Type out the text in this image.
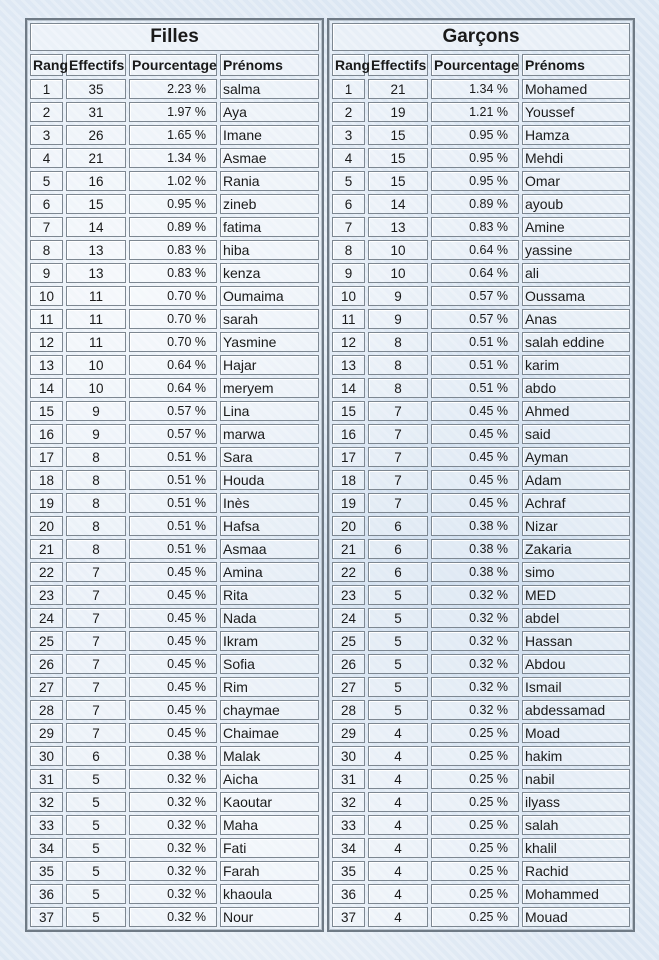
Filles			
Rang	Effectifs	Pourcentage	Prénoms
1	35	2.23 %	salma
2	31	1.97 %	Aya
3	26	1.65 %	Imane
4	21	1.34 %	Asmae
5	16	1.02 %	Rania
6	15	0.95 %	zineb
7	14	0.89 %	fatima
8	13	0.83 %	hiba
9	13	0.83 %	kenza
10	11	0.70 %	Oumaima
11	11	0.70 %	sarah
12	11	0.70 %	Yasmine
13	10	0.64 %	Hajar
14	10	0.64 %	meryem
15	9	0.57 %	Lina
16	9	0.57 %	marwa
17	8	0.51 %	Sara
18	8	0.51 %	Houda
19	8	0.51 %	Inès
20	8	0.51 %	Hafsa
21	8	0.51 %	Asmaa
22	7	0.45 %	Amina
23	7	0.45 %	Rita
24	7	0.45 %	Nada
25	7	0.45 %	Ikram
26	7	0.45 %	Sofia
27	7	0.45 %	Rim
28	7	0.45 %	chaymae
29	7	0.45 %	Chaimae
30	6	0.38 %	Malak
31	5	0.32 %	Aicha
32	5	0.32 %	Kaoutar
33	5	0.32 %	Maha
34	5	0.32 %	Fati
35	5	0.32 %	Farah
36	5	0.32 %	khaoula
37	5	0.32 %	Nour
Garçons			
Rang	Effectifs	Pourcentage	Prénoms
1	21	1.34 %	Mohamed
2	19	1.21 %	Youssef
3	15	0.95 %	Hamza
4	15	0.95 %	Mehdi
5	15	0.95 %	Omar
6	14	0.89 %	ayoub
7	13	0.83 %	Amine
8	10	0.64 %	yassine
9	10	0.64 %	ali
10	9	0.57 %	Oussama
11	9	0.57 %	Anas
12	8	0.51 %	salah eddine
13	8	0.51 %	karim
14	8	0.51 %	abdo
15	7	0.45 %	Ahmed
16	7	0.45 %	said
17	7	0.45 %	Ayman
18	7	0.45 %	Adam
19	7	0.45 %	Achraf
20	6	0.38 %	Nizar
21	6	0.38 %	Zakaria
22	6	0.38 %	simo
23	5	0.32 %	MED
24	5	0.32 %	abdel
25	5	0.32 %	Hassan
26	5	0.32 %	Abdou
27	5	0.32 %	Ismail
28	5	0.32 %	abdessamad
29	4	0.25 %	Moad
30	4	0.25 %	hakim
31	4	0.25 %	nabil
32	4	0.25 %	ilyass
33	4	0.25 %	salah
34	4	0.25 %	khalil
35	4	0.25 %	Rachid
36	4	0.25 %	Mohammed
37	4	0.25 %	Mouad
